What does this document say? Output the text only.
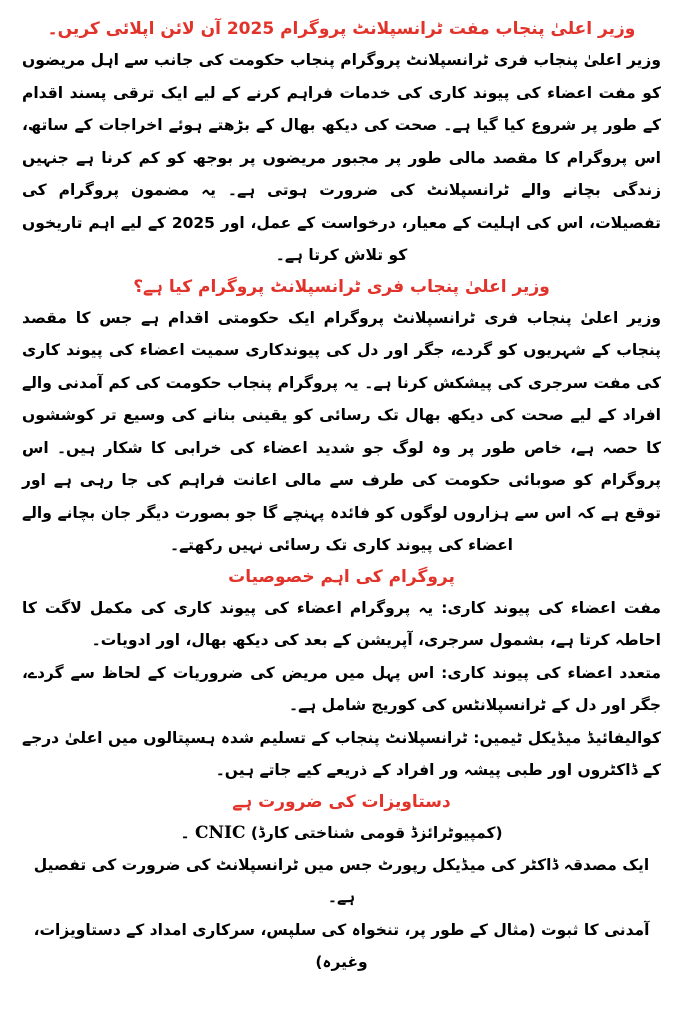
وزیر اعلیٰ پنجاب مفت ٹرانسپلانٹ پروگرام 2025 آن لائن اپلائی کریں۔

وزیر اعلیٰ پنجاب فری ٹرانسپلانٹ پروگرام پنجاب حکومت کی جانب سے اہل مریضوں کو مفت اعضاء کی پیوند کاری کی خدمات فراہم کرنے کے لیے ایک ترقی پسند اقدام کے طور پر شروع کیا گیا ہے۔ صحت کی دیکھ بھال کے بڑھتے ہوئے اخراجات کے ساتھ، اس پروگرام کا مقصد مالی طور پر مجبور مریضوں پر بوجھ کو کم کرنا ہے جنہیں زندگی بچانے والے ٹرانسپلانٹ کی ضرورت ہوتی ہے۔ یہ مضمون پروگرام کی تفصیلات، اس کی اہلیت کے معیار، درخواست کے عمل، اور 2025 کے لیے اہم تاریخوں کو تلاش کرتا ہے۔

وزیر اعلیٰ پنجاب فری ٹرانسپلانٹ پروگرام کیا ہے؟

وزیر اعلیٰ پنجاب فری ٹرانسپلانٹ پروگرام ایک حکومتی اقدام ہے جس کا مقصد پنجاب کے شہریوں کو گردے، جگر اور دل کی پیوندکاری سمیت اعضاء کی پیوند کاری کی مفت سرجری کی پیشکش کرنا ہے۔ یہ پروگرام پنجاب حکومت کی کم آمدنی والے افراد کے لیے صحت کی دیکھ بھال تک رسائی کو یقینی بنانے کی وسیع تر کوششوں کا حصہ ہے، خاص طور پر وہ لوگ جو شدید اعضاء کی خرابی کا شکار ہیں۔ اس پروگرام کو صوبائی حکومت کی طرف سے مالی اعانت فراہم کی جا رہی ہے اور توقع ہے کہ اس سے ہزاروں لوگوں کو فائدہ پہنچے گا جو بصورت دیگر جان بچانے والے اعضاء کی پیوند کاری تک رسائی نہیں رکھتے۔

پروگرام کی اہم خصوصیات

مفت اعضاء کی پیوند کاری: یہ پروگرام اعضاء کی پیوند کاری کی مکمل لاگت کا احاطہ کرتا ہے، بشمول سرجری، آپریشن کے بعد کی دیکھ بھال، اور ادویات۔

متعدد اعضاء کی پیوند کاری: اس پہل میں مریض کی ضروریات کے لحاظ سے گردے، جگر اور دل کے ٹرانسپلانٹس کی کوریج شامل ہے۔

کوالیفائیڈ میڈیکل ٹیمیں: ٹرانسپلانٹ پنجاب کے تسلیم شدہ ہسپتالوں میں اعلیٰ درجے کے ڈاکٹروں اور طبی پیشہ ور افراد کے ذریعے کیے جاتے ہیں۔

دستاویزات کی ضرورت ہے

(کمپیوٹرائزڈ قومی شناختی کارڈ) CNIC ۔

ایک مصدقہ ڈاکٹر کی میڈیکل رپورٹ جس میں ٹرانسپلانٹ کی ضرورت کی تفصیل ہے۔

آمدنی کا ثبوت (مثال کے طور پر، تنخواہ کی سلپس، سرکاری امداد کے دستاویزات، وغیرہ)
